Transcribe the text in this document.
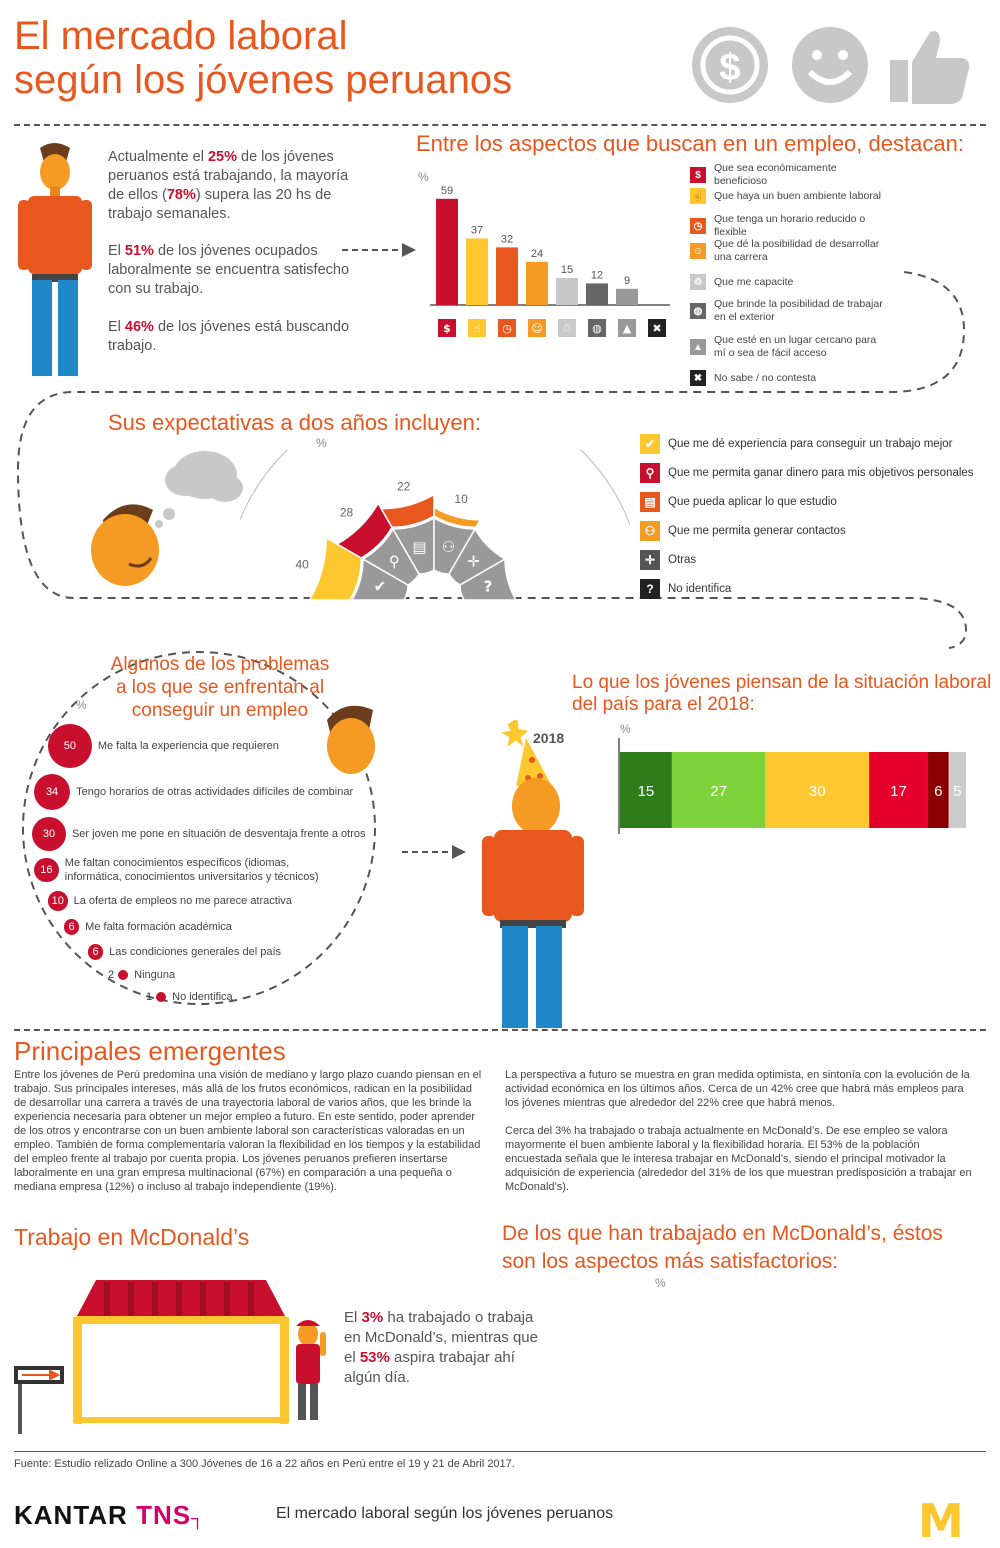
El mercado laboral
según los jóvenes peruanos	$
Actualmente el 25% de los jóvenes peruanos está trabajando, la mayoría de ellos (78%) supera las 20 hs de trabajo semanales.
El 51% de los jóvenes ocupados laboralmente se encuentra satisfecho con su trabajo.
El 46% de los jóvenes está buscando trabajo.
Entre los aspectos que buscan en un empleo, destacan:
%
$
59
☝
37
◷
32
☺
24
♲
15
◍
12
▲
9
✖
$
Que sea económicamente beneficioso
☝ Que haya un buen ambiente laboral
◷
Que tenga un horario reducido o flexible
☺
Que dé la posibilidad de desarrollar una carrera
♲	Que me capacite
◍
Que brinde la posibilidad de trabajar en el exterior
▲
Que esté en un lugar cercano para mí o sea de fácil acceso
✖	No sabe / no contesta
Sus expectativas a dos años incluyen:
%
✔
40	⚲
28
▤
22
⚇
10
✛
?
✔	Que me dé experiencia para conseguir un trabajo mejor
⚲	Que me permita ganar dinero para mis objetivos personales
▤	Que pueda aplicar lo que estudio
⚇	Que me permita generar contactos
✛	Otras
?	No identifica
Algunos de los problemas
a los que se enfrentan al
conseguir un empleo
%
50	Me falta la experiencia que requieren
34	Tengo horarios de otras actividades difíciles de combinar
30	Ser joven me pone en situación de desventaja frente a otros
16
Me faltan conocimientos específicos (idiomas, informática, conocimientos universitarios y técnicos)
10 La oferta de empleos no me parece atractiva
6 Me falta formación académica
6 Las condiciones generales del país
2 Ninguna
1 No identifica
Lo que los jóvenes piensan de la situación laboral
del país para el 2018:
2018
%
15	27	30	17 6 5
Principales emergentes
Entre los jóvenes de Perú predomina una visión de mediano y largo plazo cuando piensan en el trabajo. Sus principales intereses, más allá de los frutos económicos, radican en la posibilidad de desarrollar una carrera a través de una trayectoria laboral de varios años, que les brinde la experiencia necesaria para obtener un mejor empleo a futuro. En este sentido, poder aprender de los otros y encontrarse con un buen ambiente laboral son características valoradas en un empleo. También de forma complementaria valoran la flexibilidad en los tiempos y la estabilidad del empleo frente al trabajo por cuenta propia. Los jóvenes peruanos prefieren insertarse laboralmente en una gran empresa multinacional (67%) en comparación a una pequeña o mediana empresa (12%) o incluso al trabajo independiente (19%).
La perspectiva a futuro se muestra en gran medida optimista, en sintonía con la evolución de la actividad económica en los últimos años. Cerca de un 42% cree que habrá más empleos para los jóvenes mientras que alrededor del 22% cree que habrá menos.
Cerca del 3% ha trabajado o trabaja actualmente en McDonald’s. De ese empleo se valora mayormente el buen ambiente laboral y la flexibilidad horaria. El 53% de la población encuestada señala que le interesa trabajar en McDonald’s, siendo el principal motivador la adquisición de experiencia (alrededor del 31% de los que muestran predisposición a trabajar en McDonald’s).
Trabajo en McDonald’s
El 3% ha trabajado o trabaja en McDonald’s, mientras que el 53% aspira trabajar ahí algún día.
De los que han trabajado en McDonald’s, éstos
son los aspectos más satisfactorios:
%
Fuente: Estudio relizado Online a 300 Jóvenes de 16 a 22 años en Perú entre el 19 y 21 de Abril 2017.
KANTAR TNS┐	El mercado laboral según los jóvenes peruanos	M
